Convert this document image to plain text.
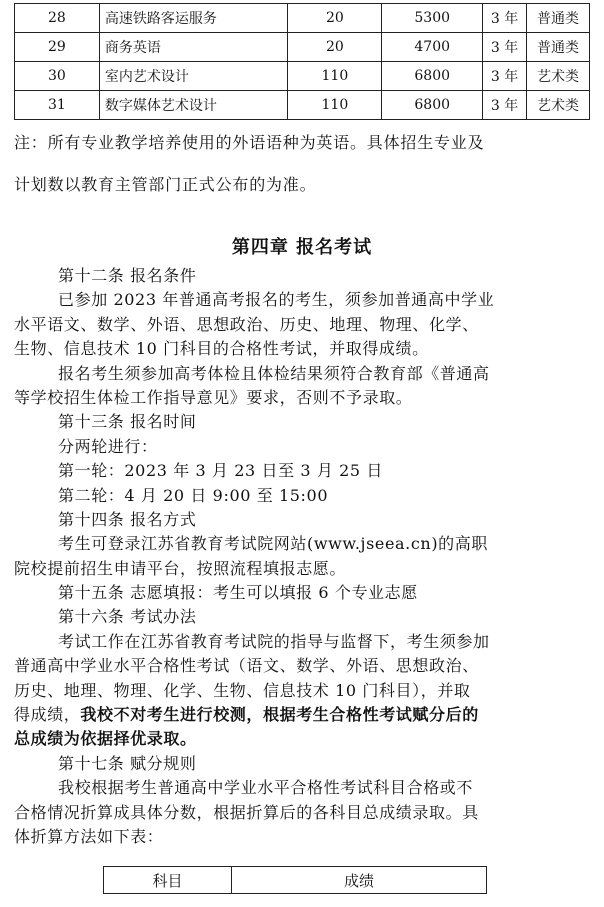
28	高速铁路客运服务	20	5300	3 年	普通类
29	商务英语	20	4700	3 年	普通类
30	室内艺术设计	110	6800	3 年	艺术类
31	数字媒体艺术设计	110	6800	3 年	艺术类
注：所有专业教学培养使用的外语语种为英语。具体招生专业及
计划数以教育主管部门正式公布的为准。
第四章 报名考试
第十二条 报名条件
已参加 2023 年普通高考报名的考生，须参加普通高中学业
水平语文、数学、外语、思想政治、历史、地理、物理、化学、
生物、信息技术 10 门科目的合格性考试，并取得成绩。
报名考生须参加高考体检且体检结果须符合教育部《普通高
等学校招生体检工作指导意见》要求，否则不予录取。
第十三条 报名时间
分两轮进行：
第一轮：2023 年 3 月 23 日至 3 月 25 日
第二轮：4 月 20 日 9:00 至 15:00
第十四条 报名方式
考生可登录江苏省教育考试院网站(www.jseea.cn)的高职
院校提前招生申请平台，按照流程填报志愿。
第十五条 志愿填报：考生可以填报 6 个专业志愿
第十六条 考试办法
考试工作在江苏省教育考试院的指导与监督下，考生须参加
普通高中学业水平合格性考试（语文、数学、外语、思想政治、
历史、地理、物理、化学、生物、信息技术 10 门科目），并取
得成绩，我校不对考生进行校测，根据考生合格性考试赋分后的
总成绩为依据择优录取。
第十七条 赋分规则
我校根据考生普通高中学业水平合格性考试科目合格或不
合格情况折算成具体分数，根据折算后的各科目总成绩录取。具
体折算方法如下表：
科目	成绩
